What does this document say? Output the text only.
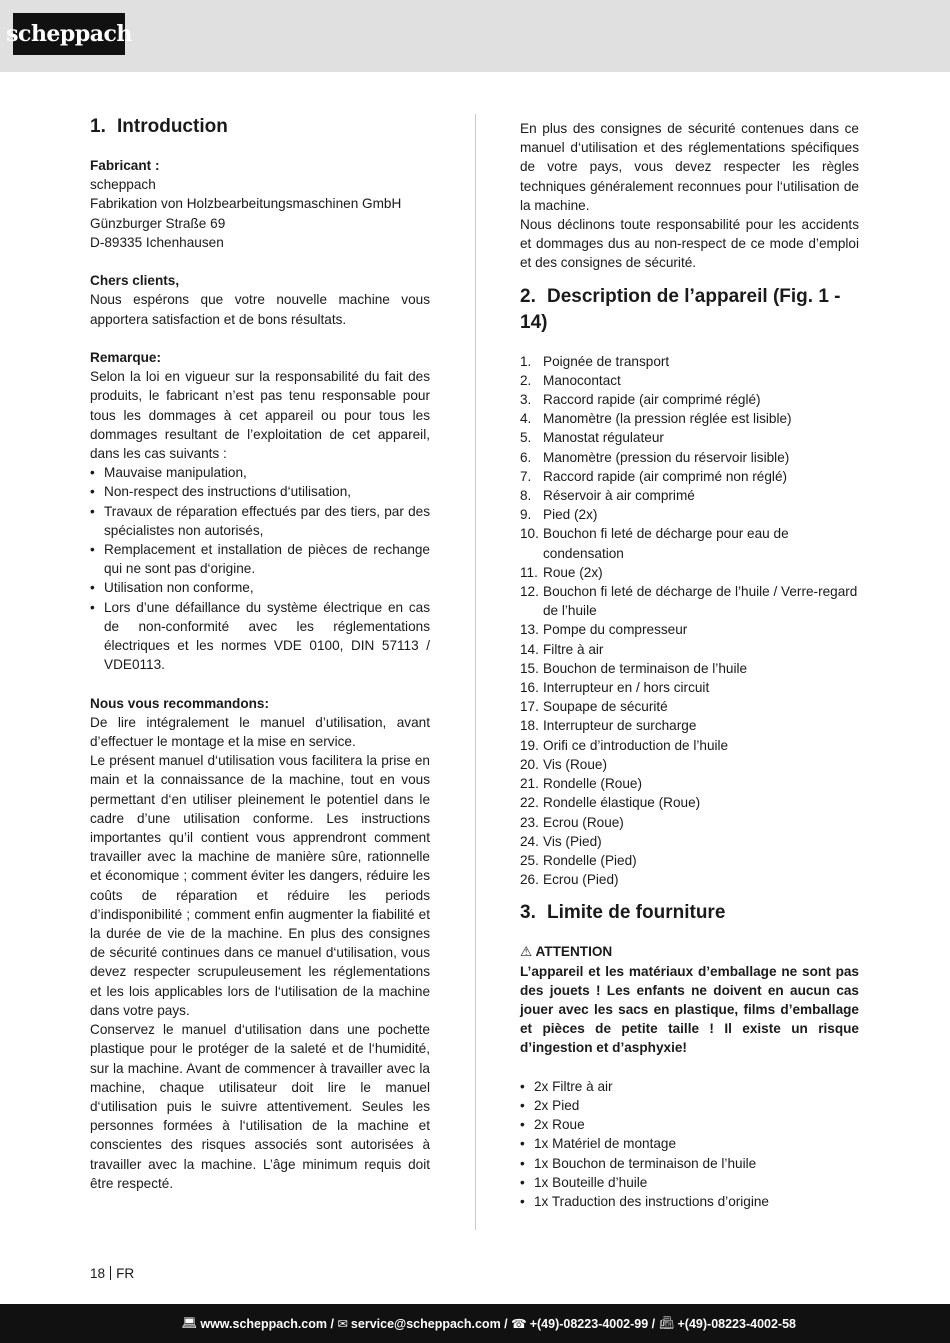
scheppach
1. Introduction

Fabricant :

scheppach
Fabrikation von Holzbearbeitungsmaschinen GmbH
Günzburger Straße 69
D-89335 Ichenhausen

Chers clients,

Nous espérons que votre nouvelle machine vous apportera satisfaction et de bons résultats.

Remarque:

Selon la loi en vigueur sur la responsabilité du fait des produits, le fabricant n’est pas tenu responsable pour tous les dommages à cet appareil ou pour tous les dommages resultant de l’exploitation de cet appareil, dans les cas suivants :

• Mauvaise manipulation,
• Non-respect des instructions d‘utilisation,
• Travaux de réparation effectués par des tiers, par des spécialistes non autorisés,
• Remplacement et installation de pièces de rechange qui ne sont pas d‘origine.
• Utilisation non conforme,
• Lors d’une défaillance du système électrique en cas de non-conformité avec les réglementations électriques et les normes VDE 0100, DIN 57113 / VDE0113.

Nous vous recommandons:

De lire intégralement le manuel d’utilisation, avant d’effectuer le montage et la mise en service.

Le présent manuel d‘utilisation vous facilitera la prise en main et la connaissance de la machine, tout en vous permettant d‘en utiliser pleinement le potentiel dans le cadre d’une utilisation conforme. Les instructions importantes qu’il contient vous apprendront comment travailler avec la machine de manière sûre, rationnelle et économique ; comment éviter les dangers, réduire les coûts de réparation et réduire les periods d’indisponibilité ; comment enfin augmenter la fiabilité et la durée de vie de la machine. En plus des consignes de sécurité continues dans ce manuel d‘utilisation, vous devez respecter scrupuleusement les réglementations et les lois applicables lors de l‘utilisation de la machine dans votre pays.

Conservez le manuel d‘utilisation dans une pochette plastique pour le protéger de la saleté et de l‘humidité, sur la machine. Avant de commencer à travailler avec la machine, chaque utilisateur doit lire le manuel d‘utilisation puis le suivre attentivement. Seules les personnes formées à l‘utilisation de la machine et conscientes des risques associés sont autorisées à travailler avec la machine. L’âge minimum requis doit être respecté.

En plus des consignes de sécurité contenues dans ce manuel d‘utilisation et des réglementations spécifiques de votre pays, vous devez respecter les règles techniques généralement reconnues pour l‘utilisation de la machine.

Nous déclinons toute responsabilité pour les accidents et dommages dus au non-respect de ce mode d’emploi et des consignes de sécurité.

2. Description de l’appareil (Fig. 1 - 14)
1. Poignée de transport
2. Manocontact
3. Raccord rapide (air comprimé réglé)
4. Manomètre (la pression réglée est lisible)
5. Manostat régulateur
6. Manomètre (pression du réservoir lisible)
7. Raccord rapide (air comprimé non réglé)
8. Réservoir à air comprimé
9. Pied (2x)
10. Bouchon fi leté de décharge pour eau de condensation
11. Roue (2x)
12. Bouchon fi leté de décharge de l’huile / Verre-regard de l’huile
13. Pompe du compresseur
14. Filtre à air
15. Bouchon de terminaison de l’huile
16. Interrupteur en / hors circuit
17. Soupape de sécurité
18. Interrupteur de surcharge
19. Orifi ce d’introduction de l’huile
20. Vis (Roue)
21. Rondelle (Roue)
22. Rondelle élastique (Roue)
23. Ecrou (Roue)
24. Vis (Pied)
25. Rondelle (Pied)
26. Ecrou (Pied)
3. Limite de fourniture

⚠ ATTENTION

L’appareil et les matériaux d’emballage ne sont pas des jouets ! Les enfants ne doivent en aucun cas jouer avec les sacs en plastique, films d’emballage et pièces de petite taille ! Il existe un risque d’ingestion et d’asphyxie!

• 2x Filtre à air
• 2x Pied
• 2x Roue
• 1x Matériel de montage
• 1x Bouchon de terminaison de l’huile
• 1x Bouteille d’huile
• 1x Traduction des instructions d’origine
18 FR
💻︎ www.scheppach.com /
✉ service@scheppach.com /
☎ +(49)-08223-4002-99 /
📠︎ +(49)-08223-4002-58
